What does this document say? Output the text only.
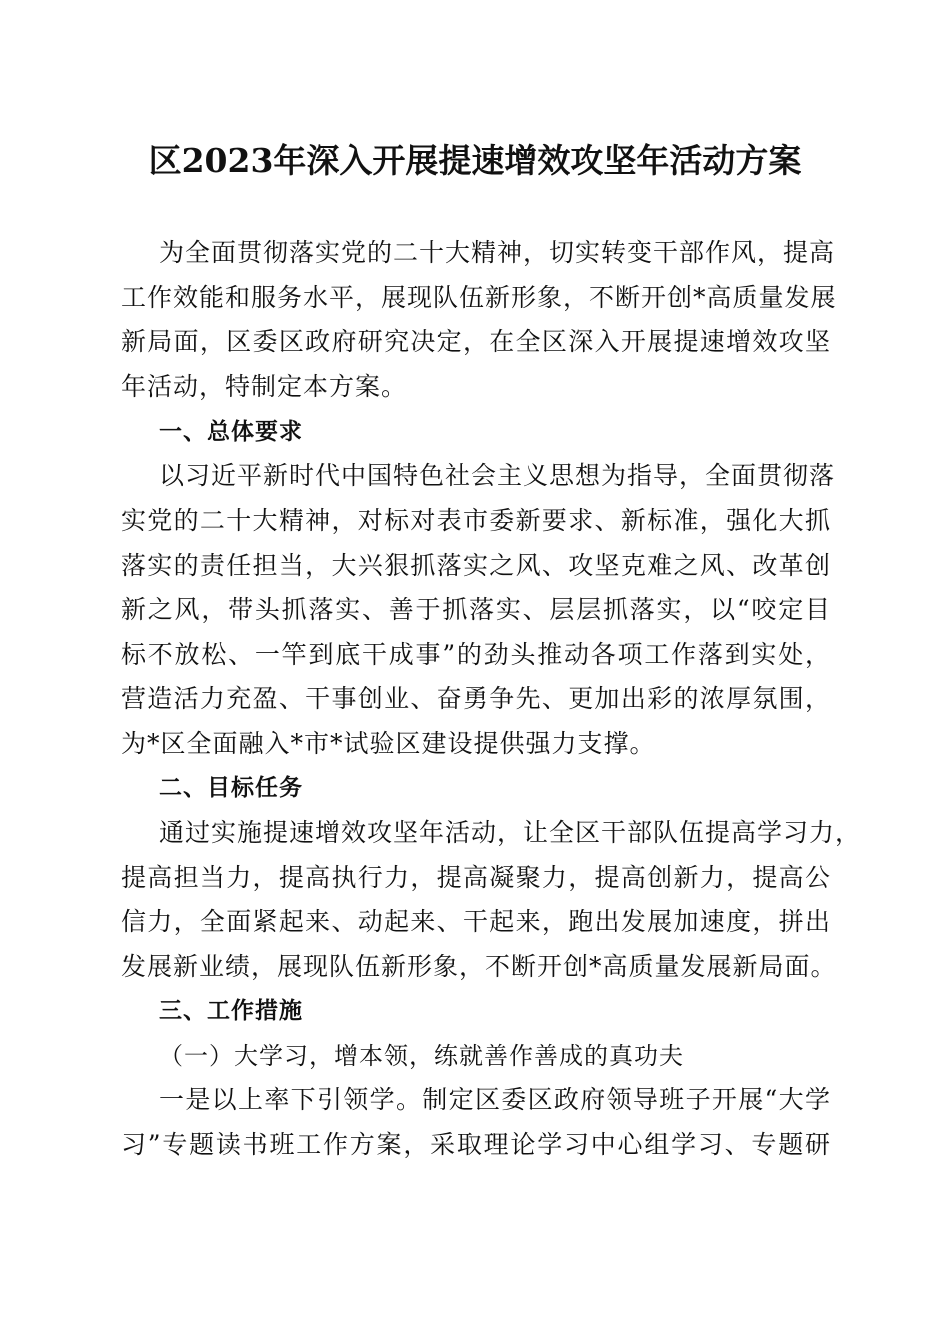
区2023年深入开展提速增效攻坚年活动方案
为全面贯彻落实党的二十大精神，切实转变干部作风，提高
工作效能和服务水平，展现队伍新形象，不断开创*高质量发展
新局面，区委区政府研究决定，在全区深入开展提速增效攻坚
年活动，特制定本方案。
一、总体要求
以习近平新时代中国特色社会主义思想为指导，全面贯彻落
实党的二十大精神，对标对表市委新要求、新标准，强化大抓
落实的责任担当，大兴狠抓落实之风、攻坚克难之风、改革创
新之风，带头抓落实、善于抓落实、层层抓落实，以“咬定目
标不放松、一竿到底干成事”的劲头推动各项工作落到实处，
营造活力充盈、干事创业、奋勇争先、更加出彩的浓厚氛围，
为*区全面融入*市*试验区建设提供强力支撑。
二、目标任务
通过实施提速增效攻坚年活动，让全区干部队伍提高学习力，
提高担当力，提高执行力，提高凝聚力，提高创新力，提高公
信力，全面紧起来、动起来、干起来，跑出发展加速度，拼出
发展新业绩，展现队伍新形象，不断开创*高质量发展新局面。
三、工作措施
（一）大学习，增本领，练就善作善成的真功夫
一是以上率下引领学。制定区委区政府领导班子开展“大学
习”专题读书班工作方案，采取理论学习中心组学习、专题研
